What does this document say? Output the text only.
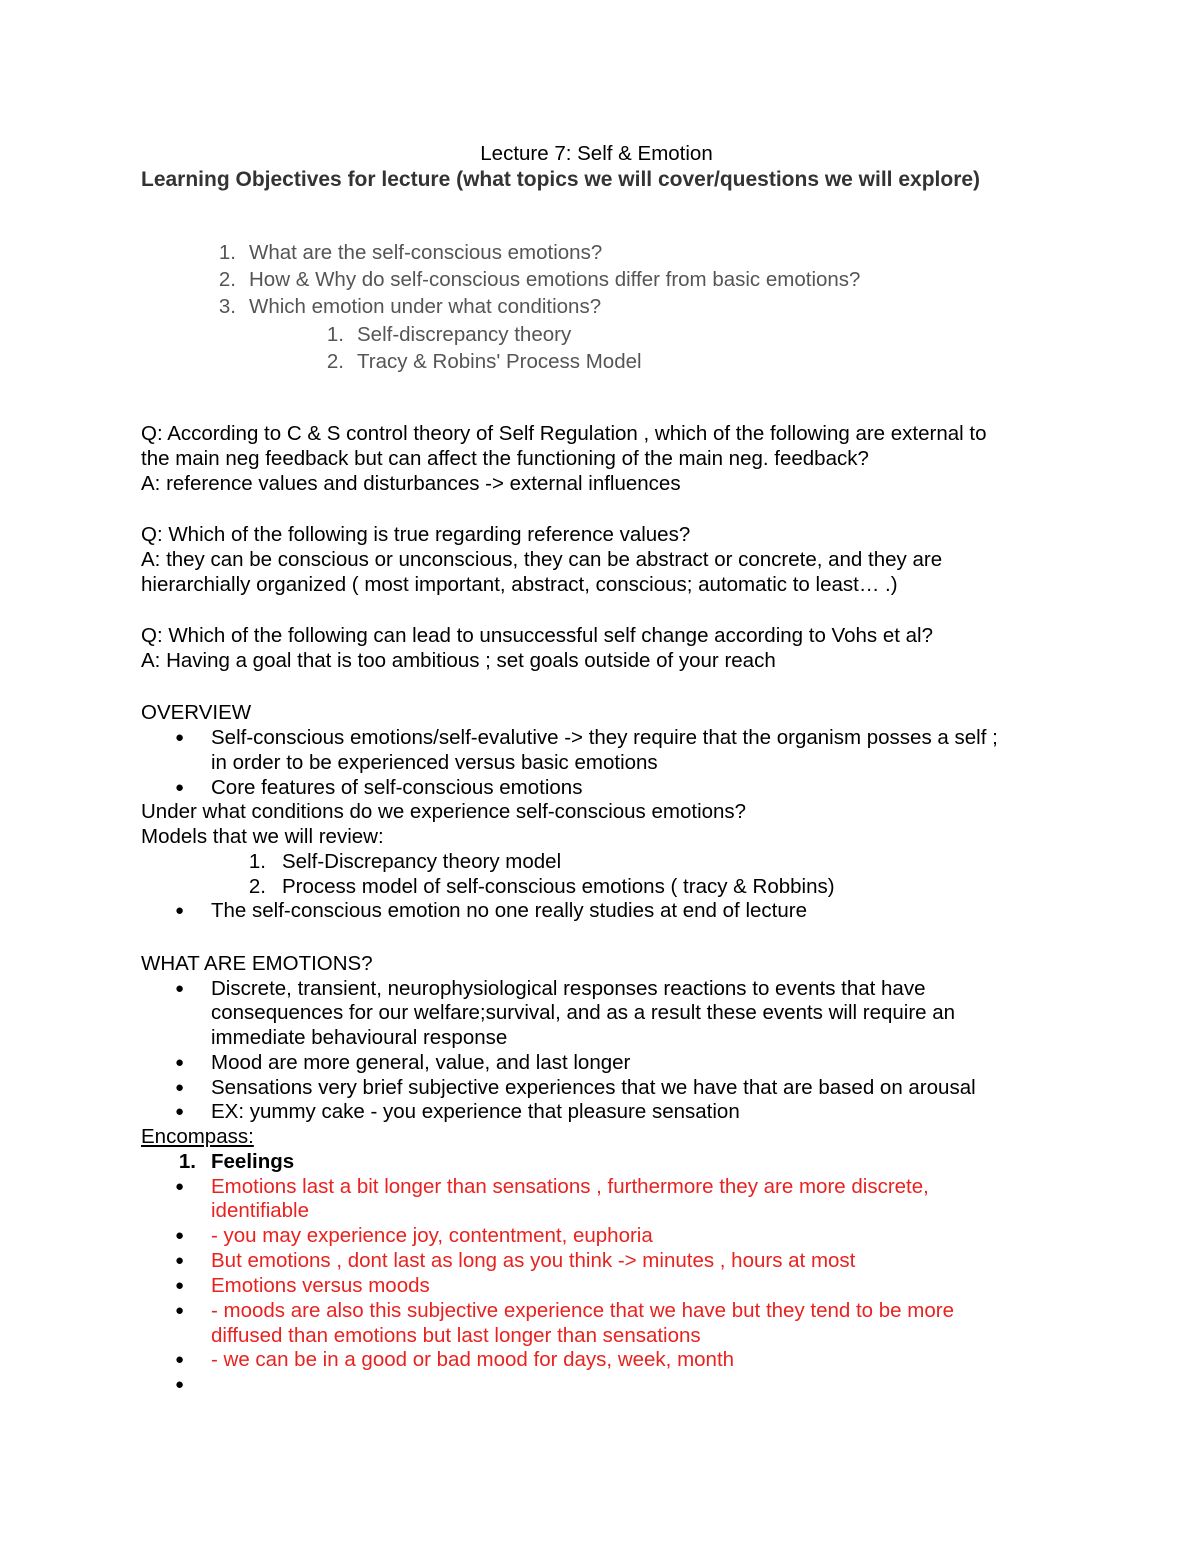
Lecture 7: Self & Emotion
Learning Objectives for lecture (what topics we will cover/questions we will explore)
1. What are the self-conscious emotions?
2. How & Why do self-conscious emotions differ from basic emotions?
3. Which emotion under what conditions?
1. Self-discrepancy theory
2. Tracy & Robins' Process Model
Q: According to C & S control theory of Self Regulation , which of the following are external to
the main neg feedback but can affect the functioning of the main neg. feedback?
A: reference values and disturbances -> external influences
Q: Which of the following is true regarding reference values?
A: they can be conscious or unconscious, they can be abstract or concrete, and they are
hierarchially organized ( most important, abstract, conscious; automatic to least… .)
Q: Which of the following can lead to unsuccessful self change according to Vohs et al?
A: Having a goal that is too ambitious ; set goals outside of your reach
OVERVIEW
● Self-conscious emotions/self-evalutive -> they require that the organism posses a self ;
in order to be experienced versus basic emotions
● Core features of self-conscious emotions
Under what conditions do we experience self-conscious emotions?
Models that we will review:
1. Self-Discrepancy theory model
2. Process model of self-conscious emotions ( tracy & Robbins)
● The self-conscious emotion no one really studies at end of lecture
WHAT ARE EMOTIONS?
● Discrete, transient, neurophysiological responses reactions to events that have
consequences for our welfare;survival, and as a result these events will require an
immediate behavioural response
● Mood are more general, value, and last longer
● Sensations very brief subjective experiences that we have that are based on arousal
● EX: yummy cake - you experience that pleasure sensation
Encompass:
1. Feelings
● Emotions last a bit longer than sensations , furthermore they are more discrete,
identifiable
● - you may experience joy, contentment, euphoria
● But emotions , dont last as long as you think -> minutes , hours at most
● Emotions versus moods
● - moods are also this subjective experience that we have but they tend to be more
diffused than emotions but last longer than sensations
● - we can be in a good or bad mood for days, week, month
●
